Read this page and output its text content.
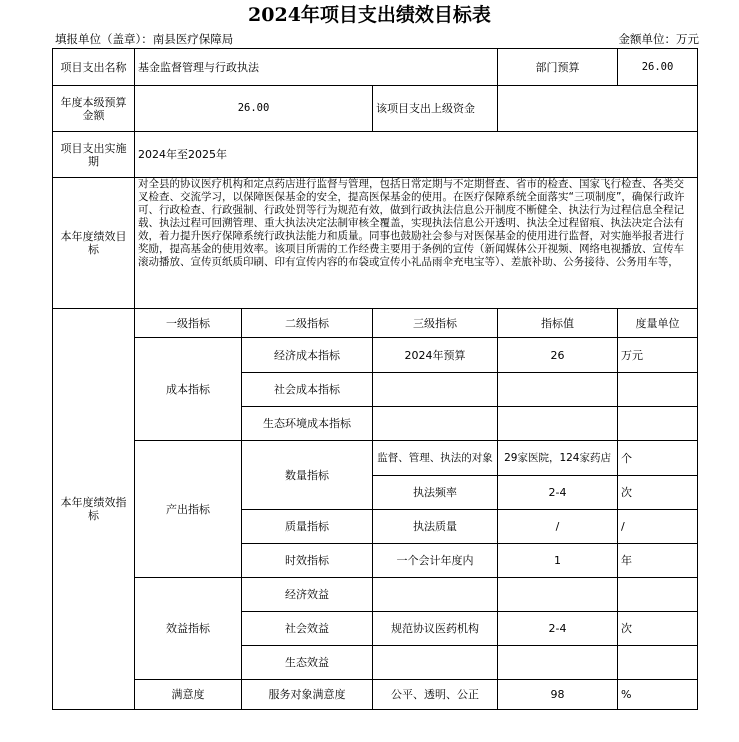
2024年项目支出绩效目标表
填报单位（盖章）：南县医疗保障局	金额单位：万元
项目支出名称	基金监督管理与行政执法			部门预算	26.00
年度本级预算金额	26.00		该项目支出上级资金		
项目支出实施期	2024年至2025年				
本年度绩效目标	对全县的协议医疗机构和定点药店进行监督与管理，包括日常定期与不定期督查、省市的检查、国家飞行检查、各类交叉检查、交流学习，以保障医保基金的安全，提高医保基金的使用。在医疗保障系统全面落实“三项制度”，确保行政许可、行政检查、行政强制、行政处罚等行为规范有效，做到行政执法信息公开制度不断健全、执法行为过程信息全程记载、执法过程可回溯管理、重大执法决定法制审核全覆盖，实现执法信息公开透明、执法全过程留痕、执法决定合法有效，着力提升医疗保障系统行政执法能力和质量。同事也鼓励社会参与对医保基金的使用进行监督，对实施举报者进行奖励，提高基金的使用效率。该项目所需的工作经费主要用于条例的宣传（新闻媒体公开视频、网络电视播放、宣传车滚动播放、宣传页纸质印刷、印有宣传内容的布袋或宣传小礼品雨伞充电宝等）、差旅补助、公务接待、公务用车等，				
本年度绩效指标	一级指标	二级指标	三级指标	指标值	度量单位
	成本指标	经济成本指标	2024年预算	26	万元
		社会成本指标			
		生态环境成本指标			
	产出指标	数量指标	监督、管理、执法的对象	29家医院，124家药店	个
			执法频率	2-4	次
		质量指标	执法质量	/	/
		时效指标	一个会计年度内	1	年
	效益指标	经济效益			
		社会效益	规范协议医药机构	2-4	次
		生态效益			
	满意度	服务对象满意度	公平、透明、公正	98	%
